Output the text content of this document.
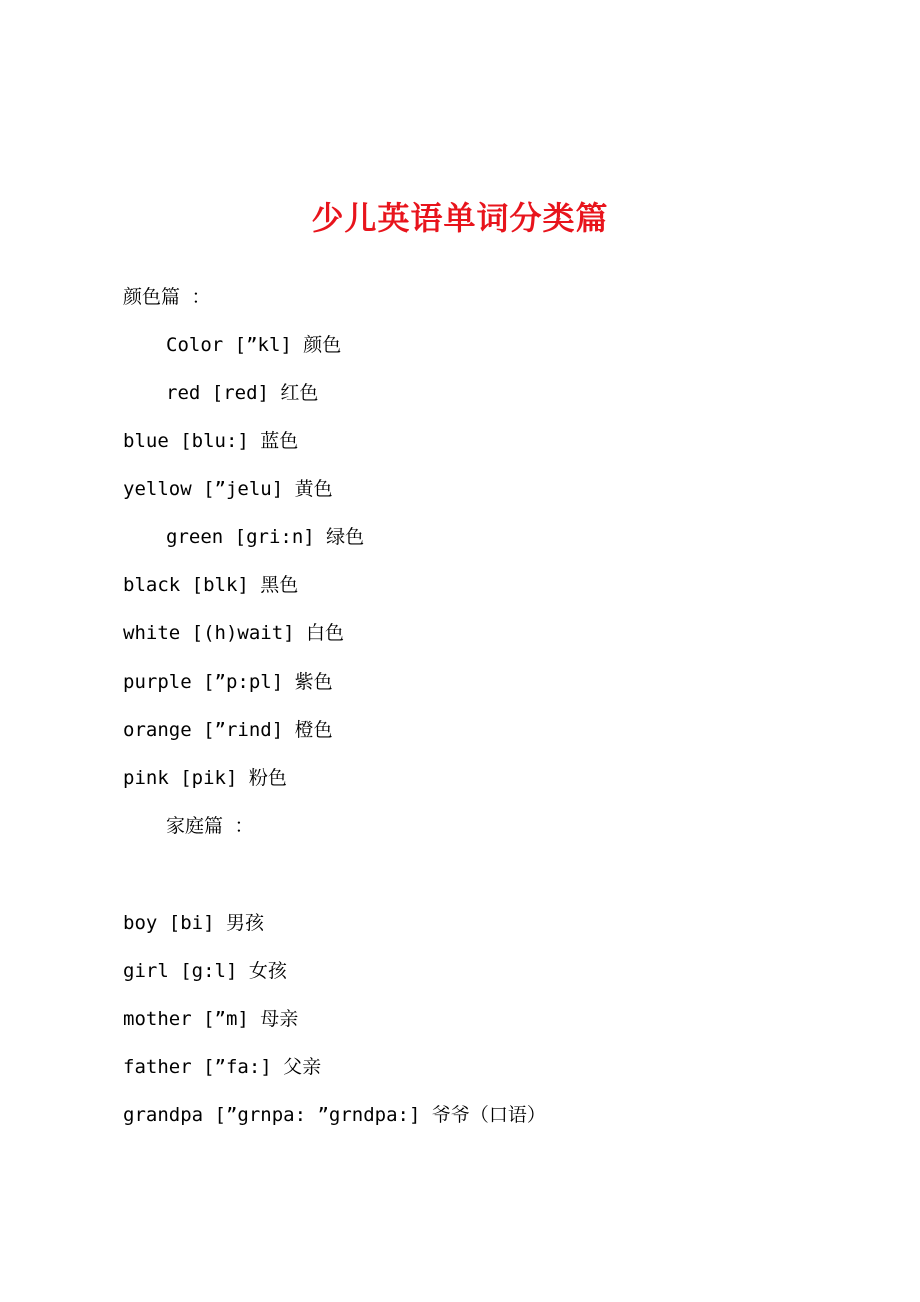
少儿英语单词分类篇
颜色篇 ：
Color [”kl] 颜色
red [red] 红色
blue [blu:] 蓝色
yellow [”jelu] 黄色
green [gri:n] 绿色
black [blk] 黑色
white [(h)wait] 白色
purple [”p:pl] 紫色
orange [”rind] 橙色
pink [pik] 粉色
家庭篇 ：
boy [bi] 男孩
girl [g:l] 女孩
mother [”m] 母亲
father [”fa:] 父亲
grandpa [”grnpa: ”grndpa:] 爷爷（口语）
